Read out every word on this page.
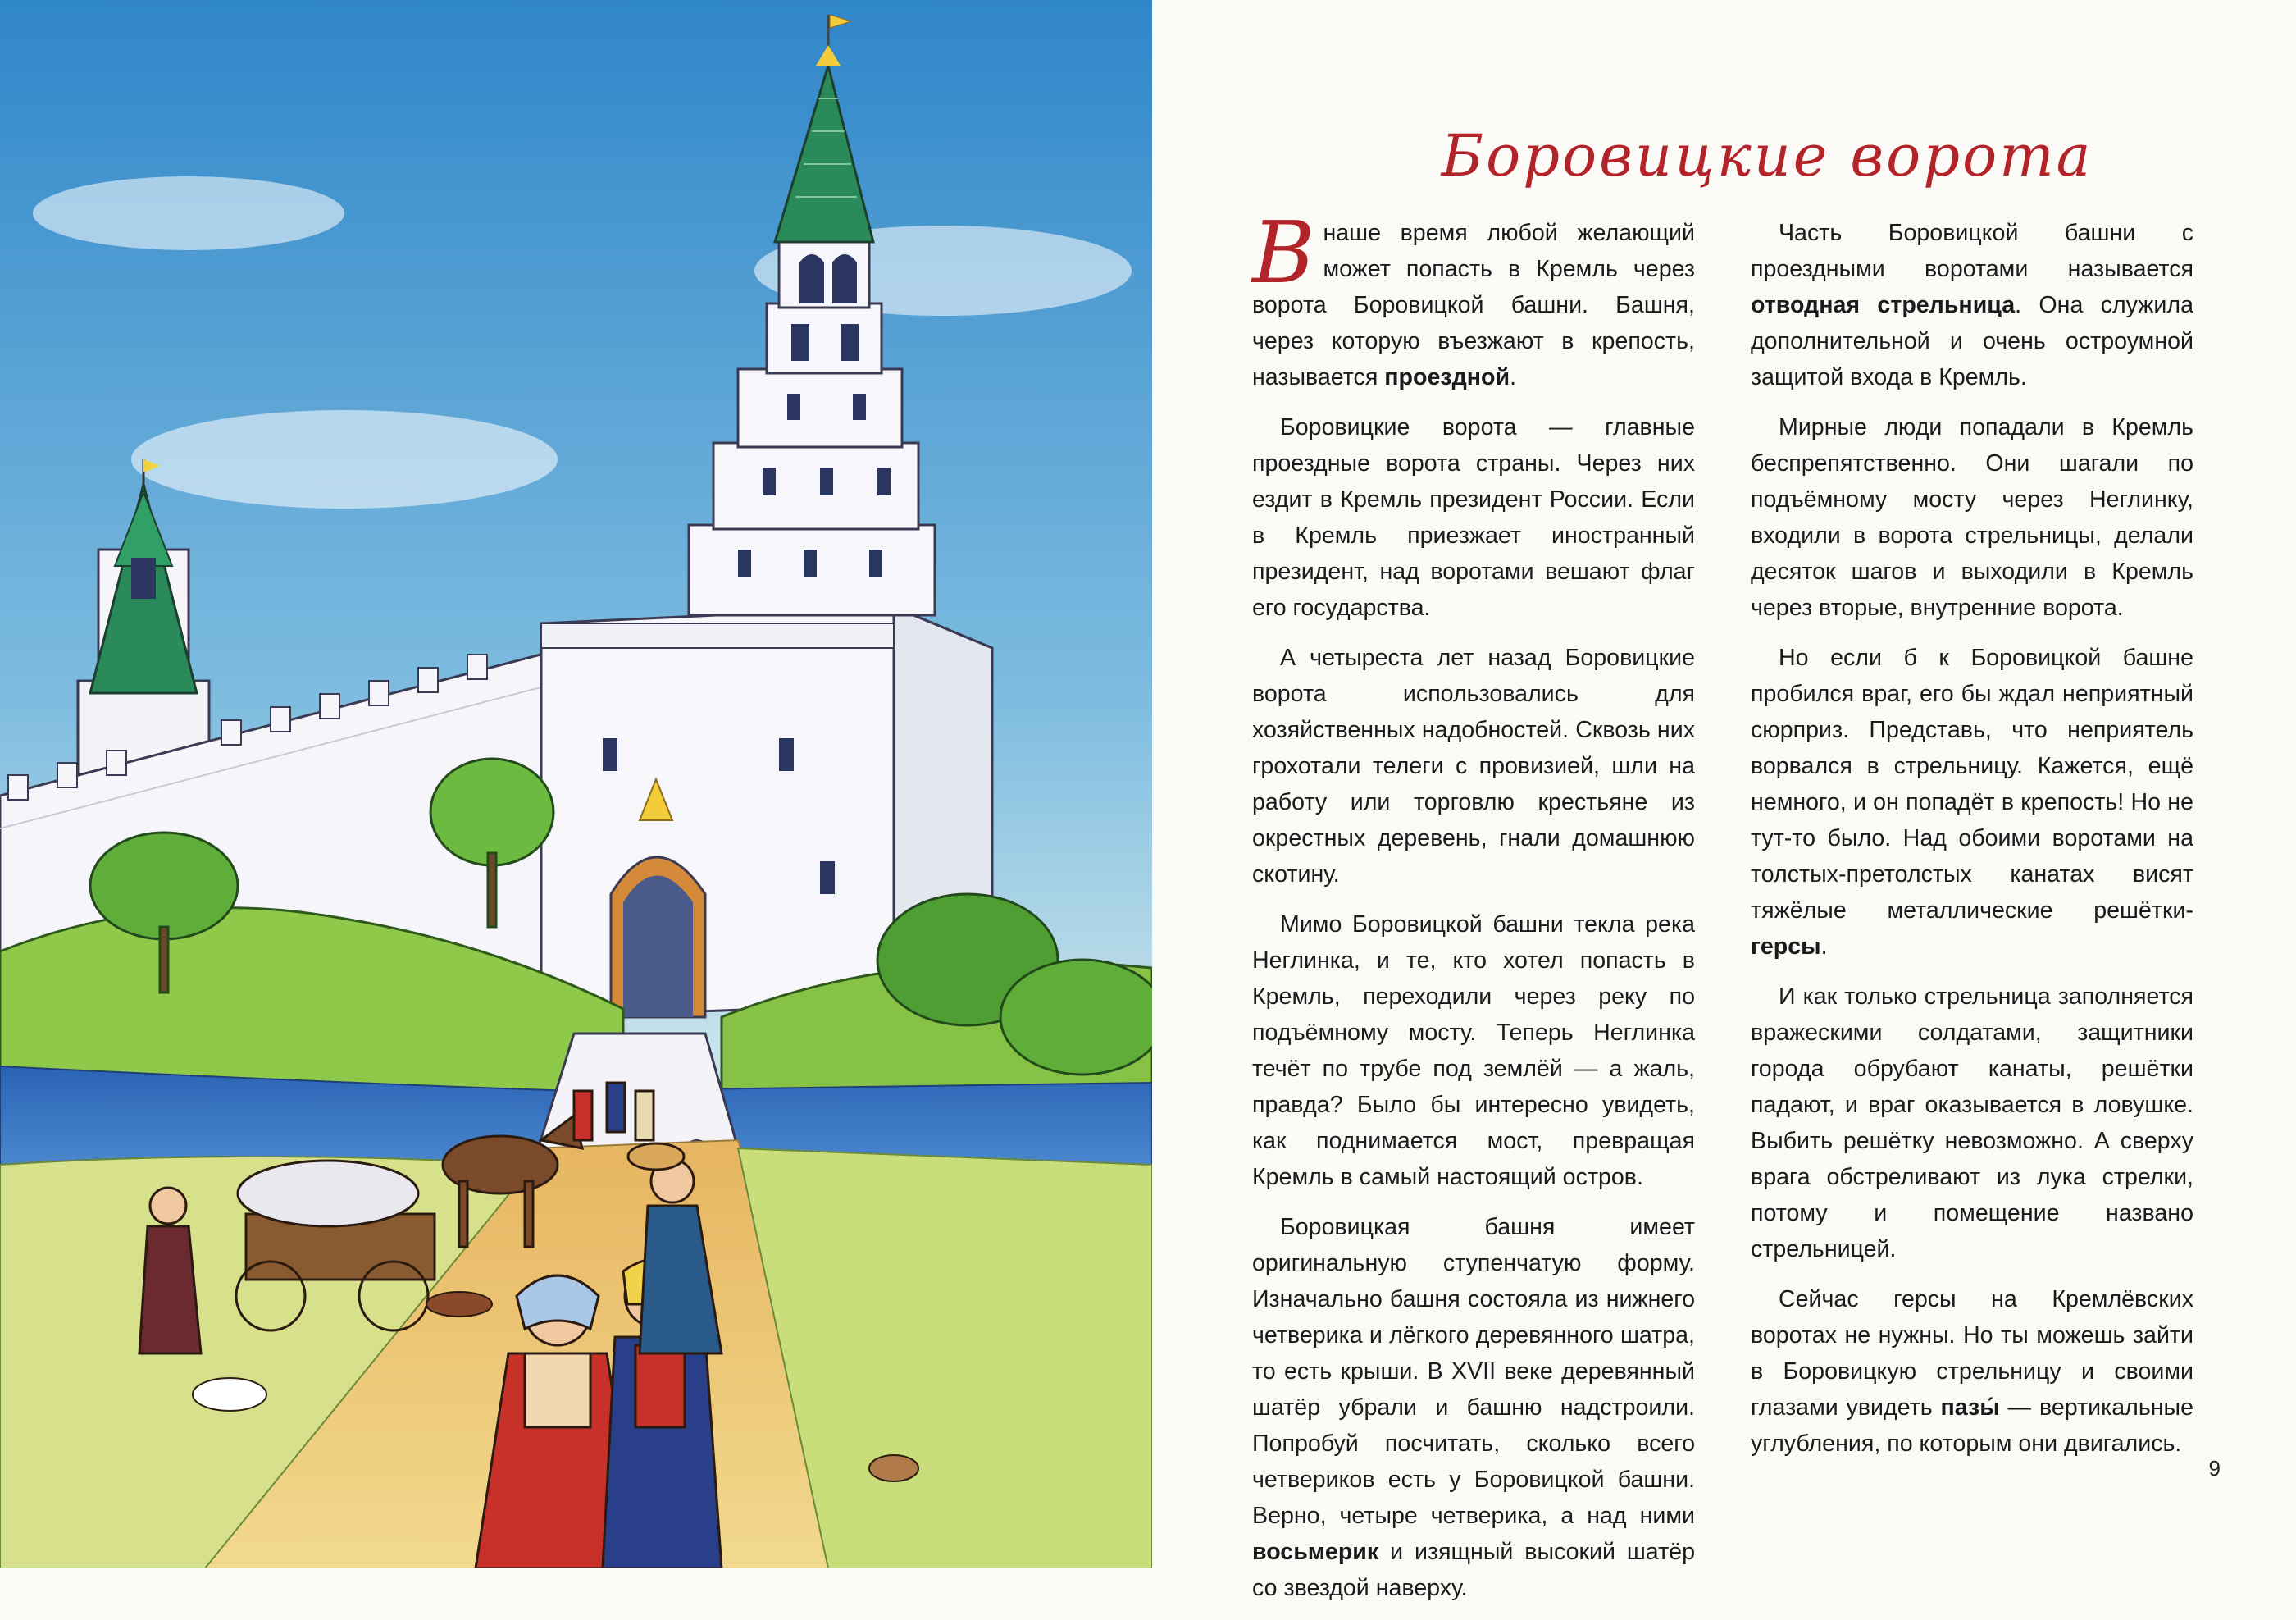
Боровицкие ворота

В наше время любой желающий может попасть в Кремль через ворота Боровицкой башни. Башня, через которую въезжают в крепость, называется проездной.

Боровицкие ворота — главные проездные ворота страны. Через них ездит в Кремль президент России. Если в Кремль приезжает иностранный президент, над воротами вешают флаг его государства.

А четыреста лет назад Боровицкие ворота использовались для хозяйственных надобностей. Сквозь них грохотали телеги с провизией, шли на работу или торговлю крестьяне из окрестных деревень, гнали домашнюю скотину.

Мимо Боровицкой башни текла река Неглинка, и те, кто хотел попасть в Кремль, переходили через реку по подъёмному мосту. Теперь Неглинка течёт по трубе под землёй — а жаль, правда? Было бы интересно увидеть, как поднимается мост, превращая Кремль в самый настоящий остров.

Боровицкая башня имеет оригинальную ступенчатую форму. Изначально башня состояла из нижнего четверика и лёгкого деревянного шатра, то есть крыши. В XVII веке деревянный шатёр убрали и башню надстроили. Попробуй посчитать, сколько всего четвериков есть у Боровицкой башни. Верно, четыре четверика, а над ними восьмерик и изящный высокий шатёр со звездой наверху.

Часть Боровицкой башни с проездными воротами называется отводная стрельница. Она служила дополнительной и очень остроумной защитой входа в Кремль.

Мирные люди попадали в Кремль беспрепятственно. Они шагали по подъёмному мосту через Неглинку, входили в ворота стрельницы, делали десяток шагов и выходили в Кремль через вторые, внутренние ворота.

Но если б к Боровицкой башне пробился враг, его бы ждал неприятный сюрприз. Представь, что неприятель ворвался в стрельницу. Кажется, ещё немного, и он попадёт в крепость! Но не тут-то было. Над обоими воротами на толстых-претолстых канатах висят тяжёлые металлические решётки-герсы.

И как только стрельница заполняется вражескими солдатами, защитники города обрубают канаты, решётки падают, и враг оказывается в ловушке. Выбить решётку невозможно. А сверху врага обстреливают из лука стрелки, потому и помещение названо стрельницей.

Сейчас герсы на Кремлёвских воротах не нужны. Но ты можешь зайти в Боровицкую стрельницу и своими глазами увидеть пазы́ — вертикальные углубления, по которым они двигались.

9
